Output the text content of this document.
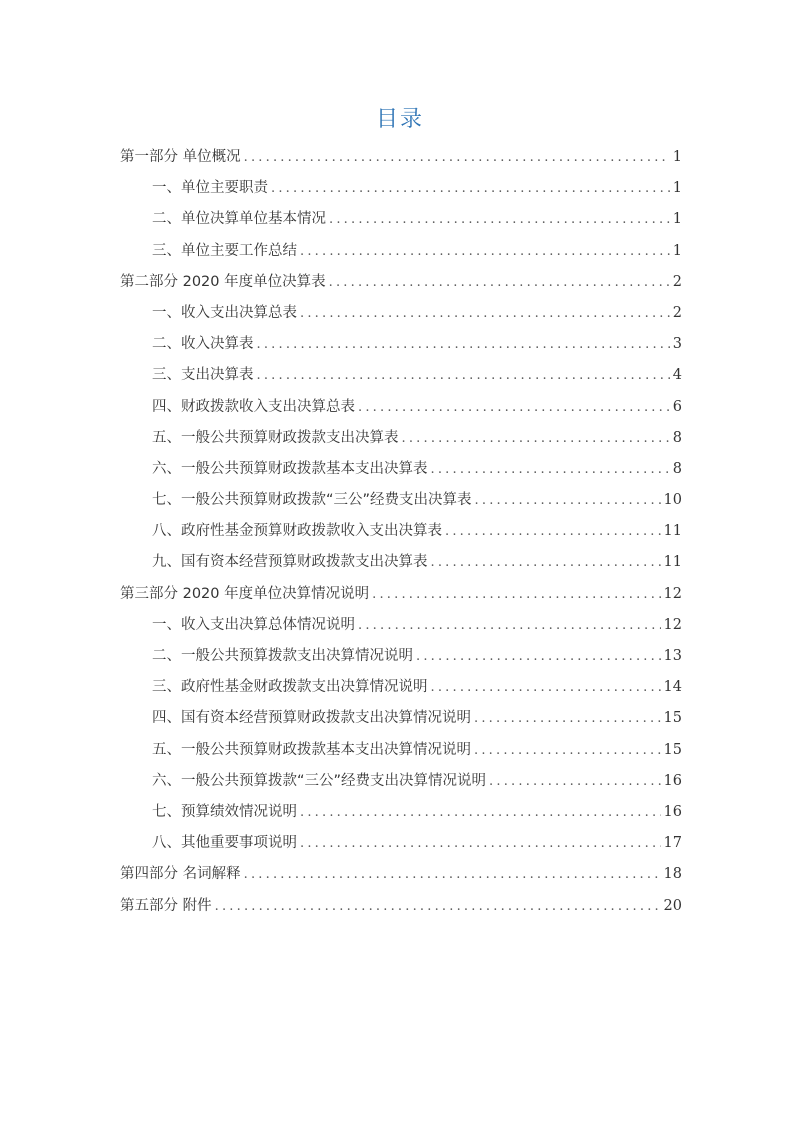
目录
第一部分 单位概况 .....	1
一、单位主要职责 .....	1
二、单位决算单位基本情况 .....	1
三、单位主要工作总结 .....	1
第二部分 2020 年度单位决算表 .....	2
一、收入支出决算总表 .....	2
二、收入决算表 .....	3
三、支出决算表 .....	4
四、财政拨款收入支出决算总表 .....	6
五、一般公共预算财政拨款支出决算表 .....	8
六、一般公共预算财政拨款基本支出决算表 .....	8
七、一般公共预算财政拨款“三公”经费支出决算表 .....	10
八、政府性基金预算财政拨款收入支出决算表 .....	11
九、国有资本经营预算财政拨款支出决算表 .....	11
第三部分 2020 年度单位决算情况说明 .....	12
一、收入支出决算总体情况说明 .....	12
二、一般公共预算拨款支出决算情况说明 .....	13
三、政府性基金财政拨款支出决算情况说明 .....	14
四、国有资本经营预算财政拨款支出决算情况说明 .....	15
五、一般公共预算财政拨款基本支出决算情况说明 .....	15
六、一般公共预算拨款“三公”经费支出决算情况说明 .....	16
七、预算绩效情况说明 .....	16
八、其他重要事项说明 .....	17
第四部分 名词解释 .....	18
第五部分 附件 .....	20
